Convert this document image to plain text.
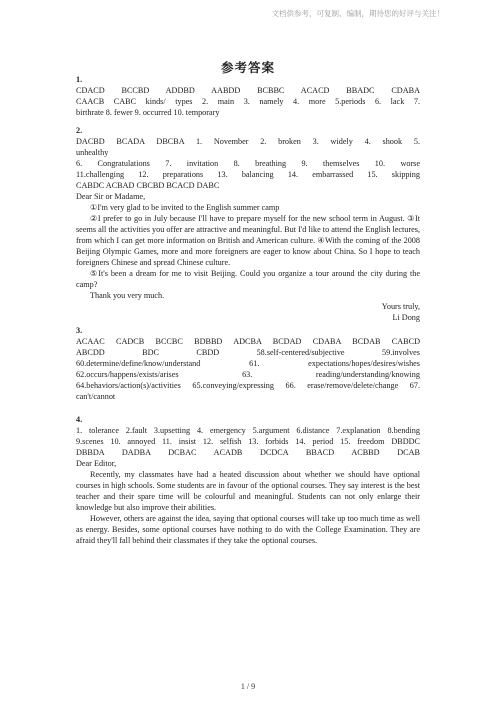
文档供参考，可复制、编制，期待您的好评与关注！
参考答案

1.

CDACD BCCBD ADDBD AABDD BCBBC ACACD BBADC CDABA

CAACB CABC kinds/ types 2. main 3. namely 4. more 5.periods 6. lack 7.

birthrate 8. fewer 9. occurred 10. temporary

2.

DACBD BCADA DBCBA 1. November 2. broken 3. widely 4. shook 5.

unhealthy

6. Congratulations 7. invitation 8. breathing 9. themselves 10. worse

11.challenging 12. preparations 13. balancing 14. embarrassed 15. skipping

CABDC ACBAD CBCBD BCACD DABC

Dear Sir or Madame,

①I'm very glad to be invited to the English summer camp

②I prefer to go in July because I'll have to prepare myself for the new school term in August. ③It seems all the activities you offer are attractive and meaningful. But I'd like to attend the English lectures, from which I can get more information on British and American culture. ④With the coming of the 2008 Beijing Olympic Games, more and more foreigners are eager to know about China. So I hope to teach foreigners Chinese and spread Chinese culture.

⑤It's been a dream for me to visit Beijing. Could you organize a tour around the city during the camp?

Thank you very much.

Yours truly,

Li Dong

3.

ACAAC CADCB BCCBC BDBBD ADCBA BCDAD CDABA BCDAB CABCD

ABCDD BDC CBDD 58.self-centered/subjective 59.involves

60.determine/define/know/understand 61. expectations/hopes/desires/wishes

62.occurs/happens/exists/arises 63. reading/understanding/knowing

64.behaviors/action(s)/activities 65.conveying/expressing 66. erase/remove/delete/change 67.

can't/cannot

4.

1. tolerance 2.fault 3.upsetting 4. emergency 5.argument 6.distance 7.explanation 8.bending

9.scenes 10. annoyed 11. insist 12. selfish 13. forbids 14. period 15. freedom DBDDC

DBBDA DADBA DCBAC ACADB DCDCA BBACD ACBBD DCAB

Dear Editor,

Recently, my classmates have had a heated discussion about whether we should have optional courses in high schools. Some students are in favour of the optional courses. They say interest is the best teacher and their spare time will be colourful and meaningful. Students can not only enlarge their knowledge but also improve their abilities.

However, others are against the idea, saying that optional courses will take up too much time as well as energy. Besides, some optional courses have nothing to do with the College Examination. They are afraid they'll fall behind their classmates if they take the optional courses.

1 / 9
